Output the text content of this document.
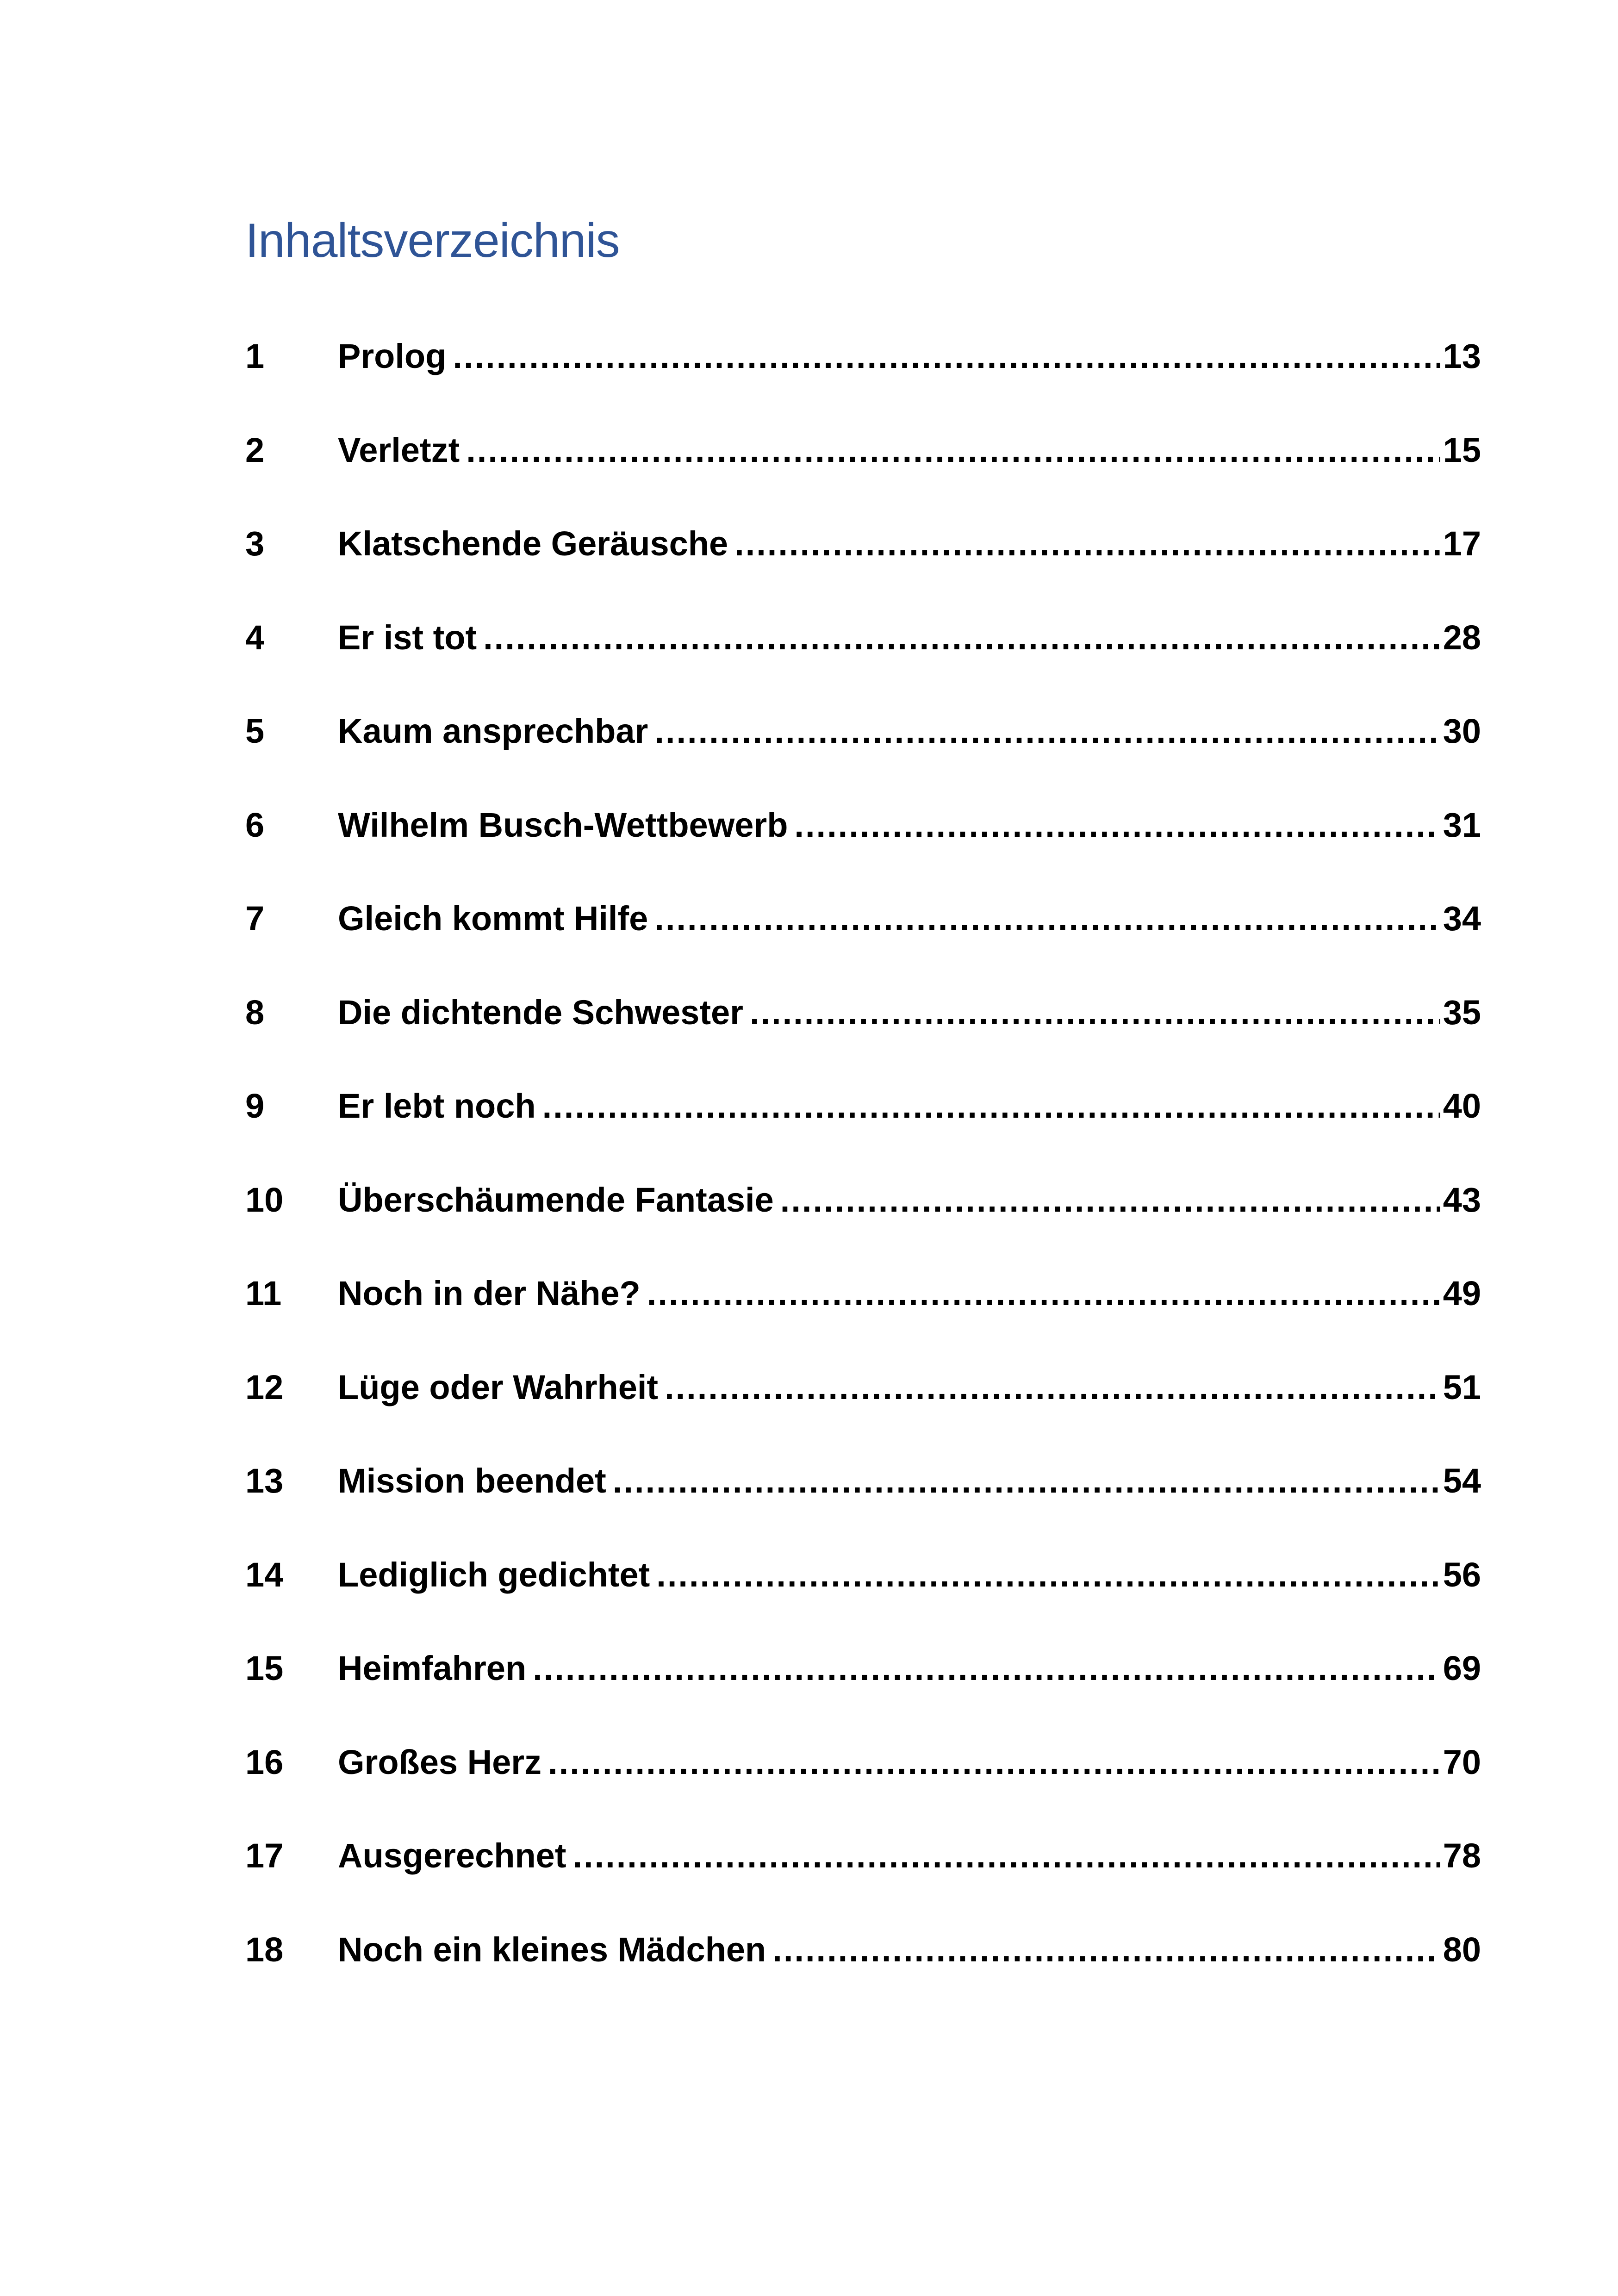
Inhaltsverzeichnis
1	Prolog .....	13
2	Verletzt .....	15
3	Klatschende Geräusche .....	17
4	Er ist tot .....	28
5	Kaum ansprechbar .....	30
6	Wilhelm Busch-Wettbewerb .....	31
7	Gleich kommt Hilfe .....	34
8	Die dichtende Schwester .....	35
9	Er lebt noch .....	40
10	Überschäumende Fantasie .....	43
11	Noch in der Nähe? .....	49
12	Lüge oder Wahrheit .....	51
13	Mission beendet .....	54
14	Lediglich gedichtet .....	56
15	Heimfahren .....	69
16	Großes Herz .....	70
17	Ausgerechnet .....	78
18	Noch ein kleines Mädchen .....	80
